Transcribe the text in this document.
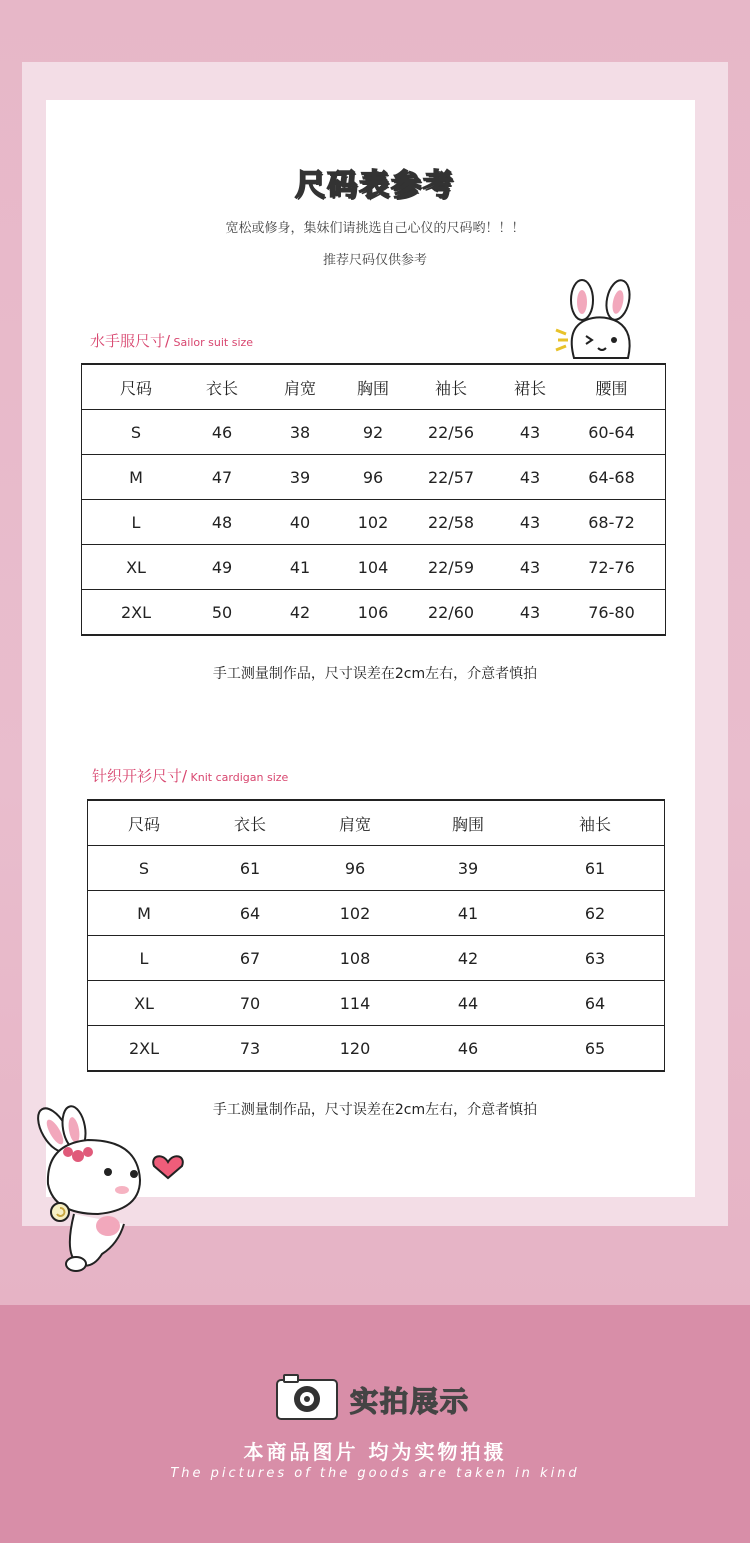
尺码表参考
宽松或修身，集妹们请挑选自己心仪的尺码哟！！！
推荐尺码仅供参考
水手服尺寸/ Sailor suit size
尺码	衣长	肩宽	胸围	袖长	裙长	腰围
S	46	38	92	22/56	43	60-64
M	47	39	96	22/57	43	64-68
L	48	40	102	22/58	43	68-72
XL	49	41	104	22/59	43	72-76
2XL	50	42	106	22/60	43	76-80
手工测量制作品，尺寸误差在2cm左右，介意者慎拍
针织开衫尺寸/ Knit cardigan size
尺码	衣长	肩宽	胸围	袖长
S	61	96	39	61
M	64	102	41	62
L	67	108	42	63
XL	70	114	44	64
2XL	73	120	46	65
手工测量制作品，尺寸误差在2cm左右，介意者慎拍
实拍展示
本商品图片 均为实物拍摄
The pictures of the goods are taken in kind
